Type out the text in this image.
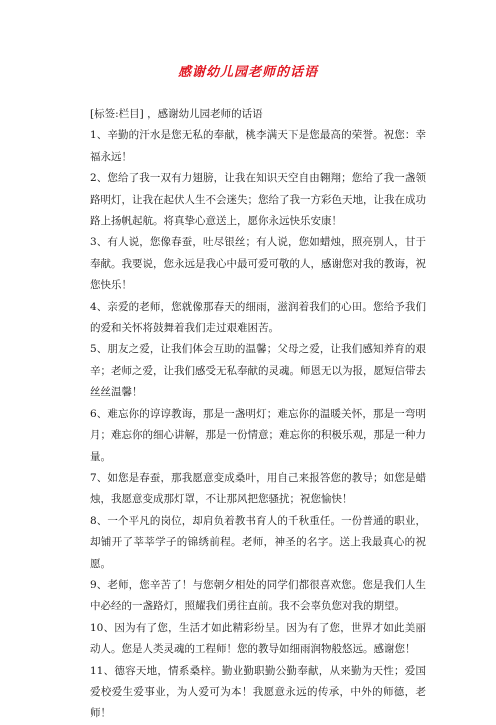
感谢幼儿园老师的话语

[标签:栏目] ，感谢幼儿园老师的话语

1、辛勤的汗水是您无私的奉献，桃李满天下是您最高的荣誉。祝您：幸福永远！

2、您给了我一双有力翅膀，让我在知识天空自由翱翔；您给了我一盏领路明灯，让我在起伏人生不会迷失；您给了我一方彩色天地，让我在成功路上扬帆起航。将真挚心意送上，愿你永远快乐安康！

3、有人说，您像春蚕，吐尽银丝；有人说，您如蜡烛，照亮别人，甘于奉献。我要说，您永远是我心中最可爱可敬的人，感谢您对我的教诲，祝您快乐！

4、亲爱的老师，您就像那春天的细雨，滋润着我们的心田。您给予我们的爱和关怀将鼓舞着我们走过艰难困苦。

5、朋友之爱，让我们体会互助的温馨；父母之爱，让我们感知养育的艰辛；老师之爱，让我们感受无私奉献的灵魂。师恩无以为报，愿短信带去丝丝温馨！

6、难忘你的谆谆教诲，那是一盏明灯；难忘你的温暖关怀，那是一弯明月；难忘你的细心讲解，那是一份情意；难忘你的积极乐观，那是一种力量。

7、如您是春蚕，那我愿意变成桑叶，用自己来报答您的教导；如您是蜡烛，我愿意变成那灯罩，不让那风把您骚扰；祝您愉快！

8、一个平凡的岗位，却肩负着教书育人的千秋重任。一份普通的职业，却铺开了莘莘学子的锦绣前程。老师，神圣的名字。送上我最真心的祝愿。

9、老师，您辛苦了！与您朝夕相处的同学们都很喜欢您。您是我们人生中必经的一盏路灯，照耀我们勇往直前。我不会辜负您对我的期望。

10、因为有了您，生活才如此精彩纷呈。因为有了您，世界才如此美丽动人。您是人类灵魂的工程师！您的教导如细雨润物般悠远。感谢您！

11、德容天地，情系桑梓。勤业勤职勤公勤奉献，从来勤为天性；爱国爱校爱生爱事业，为人爱可为本！我愿意永远的传承，中外的师德，老师！
